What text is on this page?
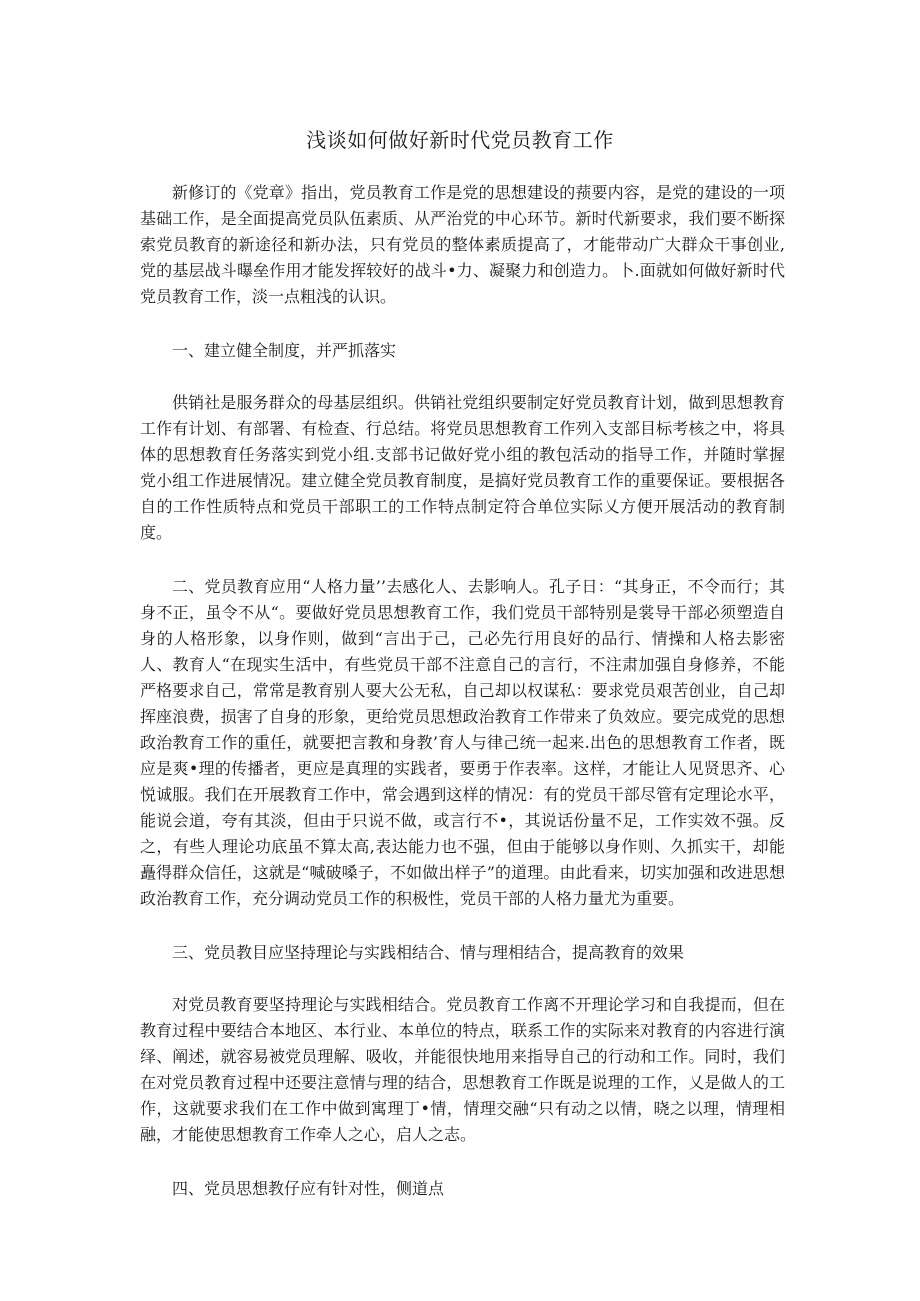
浅谈如何做好新时代党员教育工作

新修订的《党章》指出，党员教育工作是党的思想建设的蓣要内容，是党的建设的一项基础工作，是全面提高党员队伍素质、从严治党的中心环节。新时代新要求，我们要不断探索党员教育的新途径和新办法，只有党员的整体素质提高了，才能带动广大群众干事创业,党的基层战斗曝垒作用才能发挥较好的战斗•力、凝聚力和创造力。卜.面就如何做好新时代党员教育工作，淡一点粗浅的认识。

一、建立健全制度，并严抓落实

供销社是服务群众的母基层组织。供销社党组织要制定好党员教育计划，做到思想教育工作有计划、有部署、有检查、行总结。将党员思想教育工作列入支部目标考核之中，将具体的思想教育任务落实到党小组.支部书记做好党小组的教包活动的指导工作，并随时掌握党小组工作进展情况。建立健全党员教育制度，是搞好党员教育工作的重要保证。要根据各自的工作性质特点和党员干部职工的工作特点制定符合单位实际乂方便开展活动的教育制度。

二、党员教育应用“人格力量’’去感化人、去影响人。孔子日：“其身正，不令而行；其身不正，虽令不从“。要做好党员思想教育工作，我们党员干部特别是裳导干部必须塑造自身的人格形象，以身作则，做到“言出于己，己必先行用良好的品行、情操和人格去影密人、教育人“在现实生活中，有些党员干部不注意自己的言行，不注肃加强自身修养，不能严格要求自己，常常是教育别人要大公无私，自己却以权谋私：要求党员艰苦创业，自己却挥座浪费，损害了自身的形象，更给党员思想政治教育工作带来了负效应。要完成党的思想政治教育工作的重任，就要把言教和身教’育人与律己统一起来.出色的思想教育工作者，既应是爽•理的传播者，更应是真理的实践者，要勇于作表率。这样，才能让人见贤思齐、心悦诚服。我们在开展教育工作中，常会遇到这样的情况：有的党员干部尽管有定理论水平，能说会道，夸有其淡，但由于只说不做，或言行不•，其说话份量不足，工作实效不强。反之，有些人理论功底虽不算太高,表达能力也不强，但由于能够以身作则、久抓实干，却能矗得群众信任，这就是“喊破嗓子，不如做出样子”的道理。由此看来，切实加强和改进思想政治教育工作，充分调动党员工作的积极性，党员干部的人格力量尤为重要。

三、党员教目应坚持理论与实践相结合、情与理相结合，提高教育的效果

对党员教育要坚持理论与实践相结合。党员教育工作离不开理论学习和自我提而，但在教育过程中要结合本地区、本行业、本单位的特点，联系工作的实际来对教育的内容进行演绎、阐述，就容易被党员理解、吸收，并能很快地用来指导自己的行动和工作。同时，我们在对党员教育过程中还要注意情与理的结合，思想教育工作既是说理的工作，乂是做人的工作，这就要求我们在工作中做到寓理丁•情，情理交融“只有动之以情，晓之以理，情理相融，才能使思想教育工作牵人之心，启人之志。

四、党员思想教仔应有针对性，侧道点
